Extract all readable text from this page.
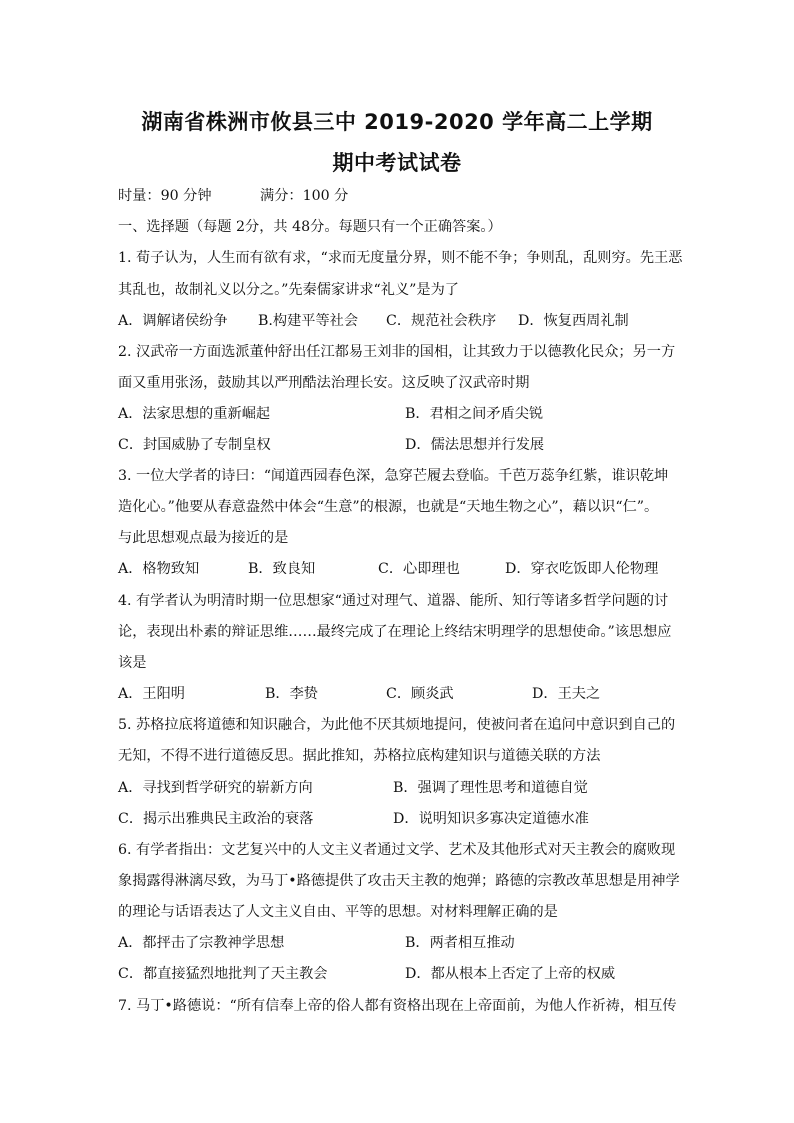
湖南省株洲市攸县三中 2019-2020 学年高二上学期
期中考试试卷
时量：90 分钟	满分：100 分
一、选择题（每题 2分，共 48分。每题只有一个正确答案。）
1. 荀子认为，人生而有欲有求，“求而无度量分界，则不能不争；争则乱，乱则穷。先王恶
其乱也，故制礼义以分之。”先秦儒家讲求“礼义”是为了
A．调解诸侯纷争 B.构建平等社会 C．规范社会秩序 D．恢复西周礼制
2. 汉武帝一方面选派董仲舒出任江都易王刘非的国相，让其致力于以德教化民众；另一方
面又重用张汤，鼓励其以严刑酷法治理长安。这反映了汉武帝时期
A．法家思想的重新崛起	B．君相之间矛盾尖锐
C．封国威胁了专制皇权	D．儒法思想并行发展
3. 一位大学者的诗曰：“闻道西园春色深，急穿芒履去登临。千芭万蕊争红紫，谁识乾坤
造化心。”他要从春意盎然中体会“生意”的根源，也就是“天地生物之心”，藉以识“仁”。
与此思想观点最为接近的是
A．格物致知	B．致良知	C．心即理也	D．穿衣吃饭即人伦物理
4. 有学者认为明清时期一位思想家“通过对理气、道器、能所、知行等诸多哲学问题的讨
论，表现出朴素的辩证思维……最终完成了在理论上终结宋明理学的思想使命。”该思想应
该是
A．王阳明	B．李贽	C．顾炎武	D．王夫之
5. 苏格拉底将道德和知识融合，为此他不厌其烦地提问，使被问者在追问中意识到自己的
无知，不得不进行道德反思。据此推知，苏格拉底构建知识与道德关联的方法
A．寻找到哲学研究的崭新方向	B．强调了理性思考和道德自觉
C．揭示出雅典民主政治的衰落	D．说明知识多寡决定道德水准
6. 有学者指出：文艺复兴中的人文主义者通过文学、艺术及其他形式对天主教会的腐败现
象揭露得淋漓尽致，为马丁•路德提供了攻击天主教的炮弹；路德的宗教改革思想是用神学
的理论与话语表达了人文主义自由、平等的思想。对材料理解正确的是
A．都抨击了宗教神学思想	B．两者相互推动
C．都直接猛烈地批判了天主教会	D．都从根本上否定了上帝的权威
7. 马丁•路德说：“所有信奉上帝的俗人都有资格出现在上帝面前，为他人作祈祷，相互传
